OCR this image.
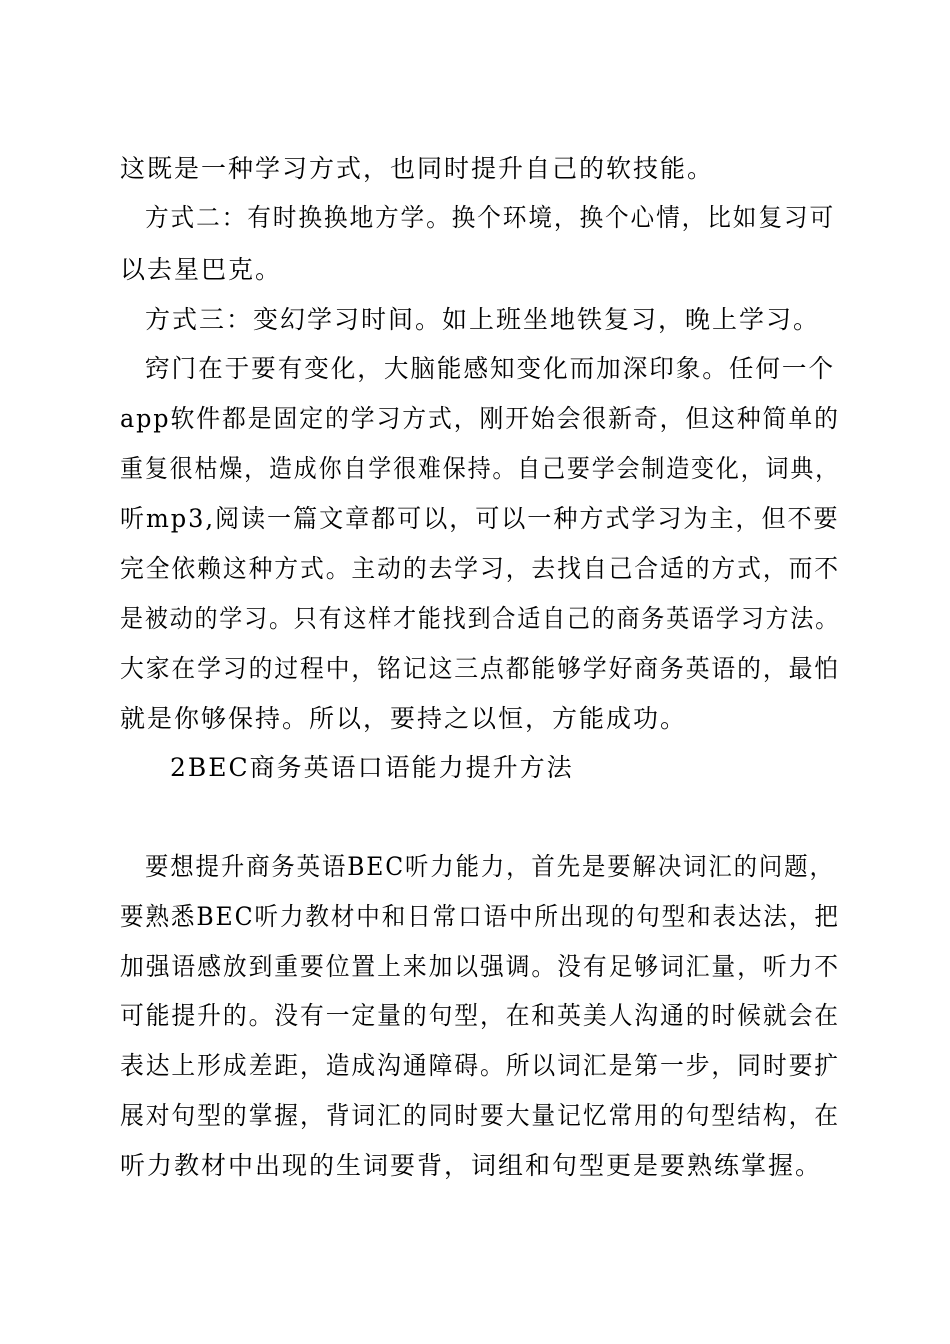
这既是一种学习方式，也同时提升自己的软技能。
方式二：有时换换地方学。换个环境，换个心情，比如复习可
以去星巴克。
方式三：变幻学习时间。如上班坐地铁复习，晚上学习。
窍门在于要有变化，大脑能感知变化而加深印象。任何一个
app软件都是固定的学习方式，刚开始会很新奇，但这种简单的
重复很枯燥，造成你自学很难保持。自己要学会制造变化，词典，
听mp3,阅读一篇文章都可以，可以一种方式学习为主，但不要
完全依赖这种方式。主动的去学习，去找自己合适的方式，而不
是被动的学习。只有这样才能找到合适自己的商务英语学习方法。
大家在学习的过程中，铭记这三点都能够学好商务英语的，最怕
就是你够保持。所以，要持之以恒，方能成功。
2BEC商务英语口语能力提升方法
要想提升商务英语BEC听力能力，首先是要解决词汇的问题，
要熟悉BEC听力教材中和日常口语中所出现的句型和表达法，把
加强语感放到重要位置上来加以强调。没有足够词汇量，听力不
可能提升的。没有一定量的句型，在和英美人沟通的时候就会在
表达上形成差距，造成沟通障碍。所以词汇是第一步，同时要扩
展对句型的掌握，背词汇的同时要大量记忆常用的句型结构，在
听力教材中出现的生词要背，词组和句型更是要熟练掌握。
